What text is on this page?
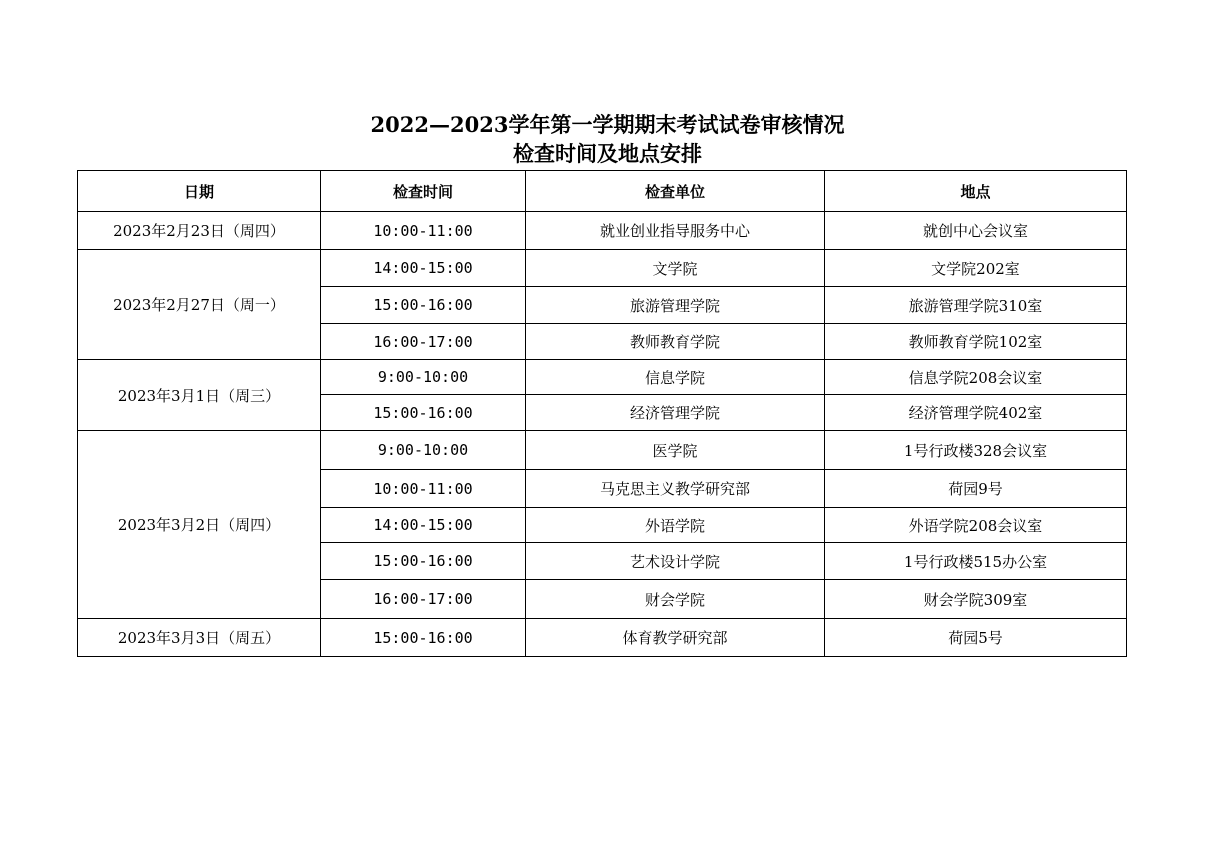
2022—2023学年第一学期期末考试试卷审核情况
检查时间及地点安排
日期	检查时间	检查单位	地点
2023年2月23日（周四）	10:00-11:00	就业创业指导服务中心	就创中心会议室
2023年2月27日（周一）	14:00-15:00	文学院	文学院202室
	15:00-16:00	旅游管理学院	旅游管理学院310室
	16:00-17:00	教师教育学院	教师教育学院102室
2023年3月1日（周三）	9:00-10:00	信息学院	信息学院208会议室
	15:00-16:00	经济管理学院	经济管理学院402室
2023年3月2日（周四）	9:00-10:00	医学院	1号行政楼328会议室
	10:00-11:00	马克思主义教学研究部	荷园9号
	14:00-15:00	外语学院	外语学院208会议室
	15:00-16:00	艺术设计学院	1号行政楼515办公室
	16:00-17:00	财会学院	财会学院309室
2023年3月3日（周五）	15:00-16:00	体育教学研究部	荷园5号
